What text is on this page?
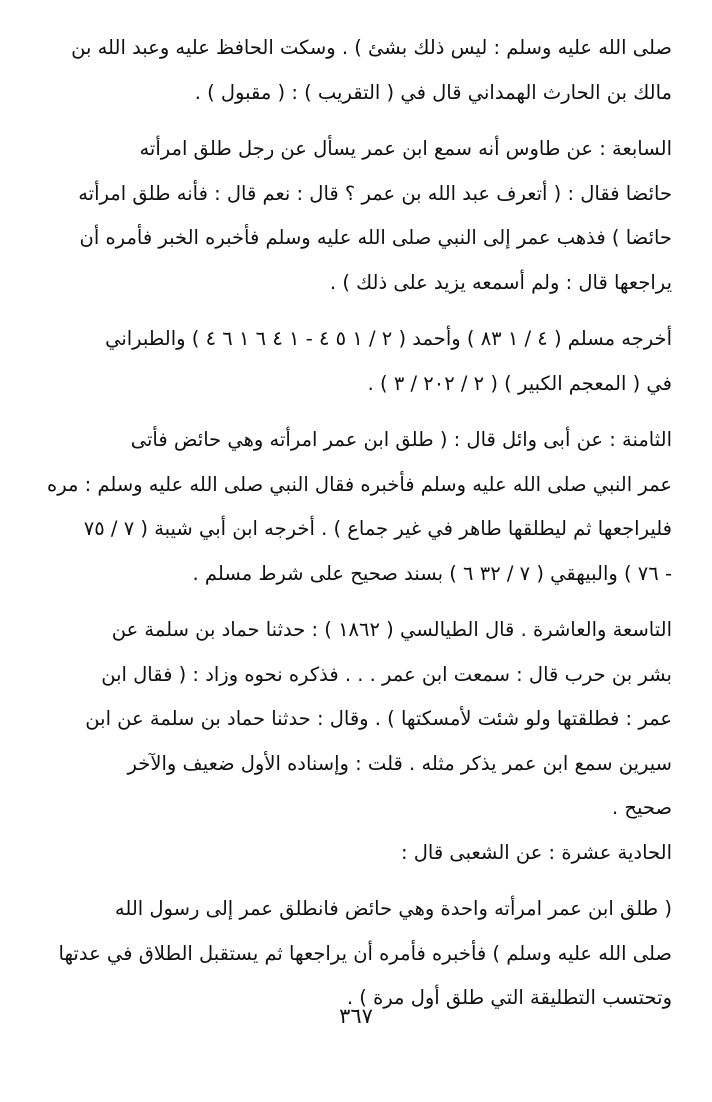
صلى الله عليه وسلم : ليس ذلك بشئ ) . وسكت الحافظ عليه وعبد الله بن
مالك بن الحارث الهمداني قال في ( التقريب ) : ( مقبول ) .

السابعة : عن طاوس أنه سمع ابن عمر يسأل عن رجل طلق امرأته
حائضا فقال : ( أتعرف عبد الله بن عمر ؟ قال : نعم قال : فأنه طلق امرأته
حائضا ) فذهب عمر إلى النبي صلى الله عليه وسلم فأخبره الخبر فأمره أن
يراجعها قال : ولم أسمعه يزيد على ذلك ) .

أخرجه مسلم ( ٤ / ١ ٨٣ ) وأحمد ( ٢ / ١ ٥ ٤ - ١ ٤ ٦ ١ ٦ ٤ ) والطبراني
في ( المعجم الكبير ) ( ٢ / ٢٠٢ / ٣ ) .

الثامنة : عن أبى وائل قال : ( طلق ابن عمر امرأته وهي حائض فأتى
عمر النبي صلى الله عليه وسلم فأخبره فقال النبي صلى الله عليه وسلم : مره
فليراجعها ثم ليطلقها طاهر في غير جماع ) . أخرجه ابن أبي شيبة ( ٧ / ٧٥
- ٧٦ ) والبيهقي ( ٧ / ٣٢ ٦ ) بسند صحيح على شرط مسلم .

التاسعة والعاشرة . قال الطيالسي ( ١٨٦٢ ) : حدثنا حماد بن سلمة عن
بشر بن حرب قال : سمعت ابن عمر . . . فذكره نحوه وزاد : ( فقال ابن
عمر : فطلقتها ولو شئت لأمسكتها ) . وقال : حدثنا حماد بن سلمة عن ابن
سيرين سمع ابن عمر يذكر مثله . قلت : وإسناده الأول ضعيف والآخر
صحيح .

الحادية عشرة : عن الشعبى قال :

( طلق ابن عمر امرأته واحدة وهي حائض فانطلق عمر إلى رسول الله
صلى الله عليه وسلم ) فأخبره فأمره أن يراجعها ثم يستقبل الطلاق في عدتها
وتحتسب التطليقة التي طلق أول مرة ) .

٣٦٧
